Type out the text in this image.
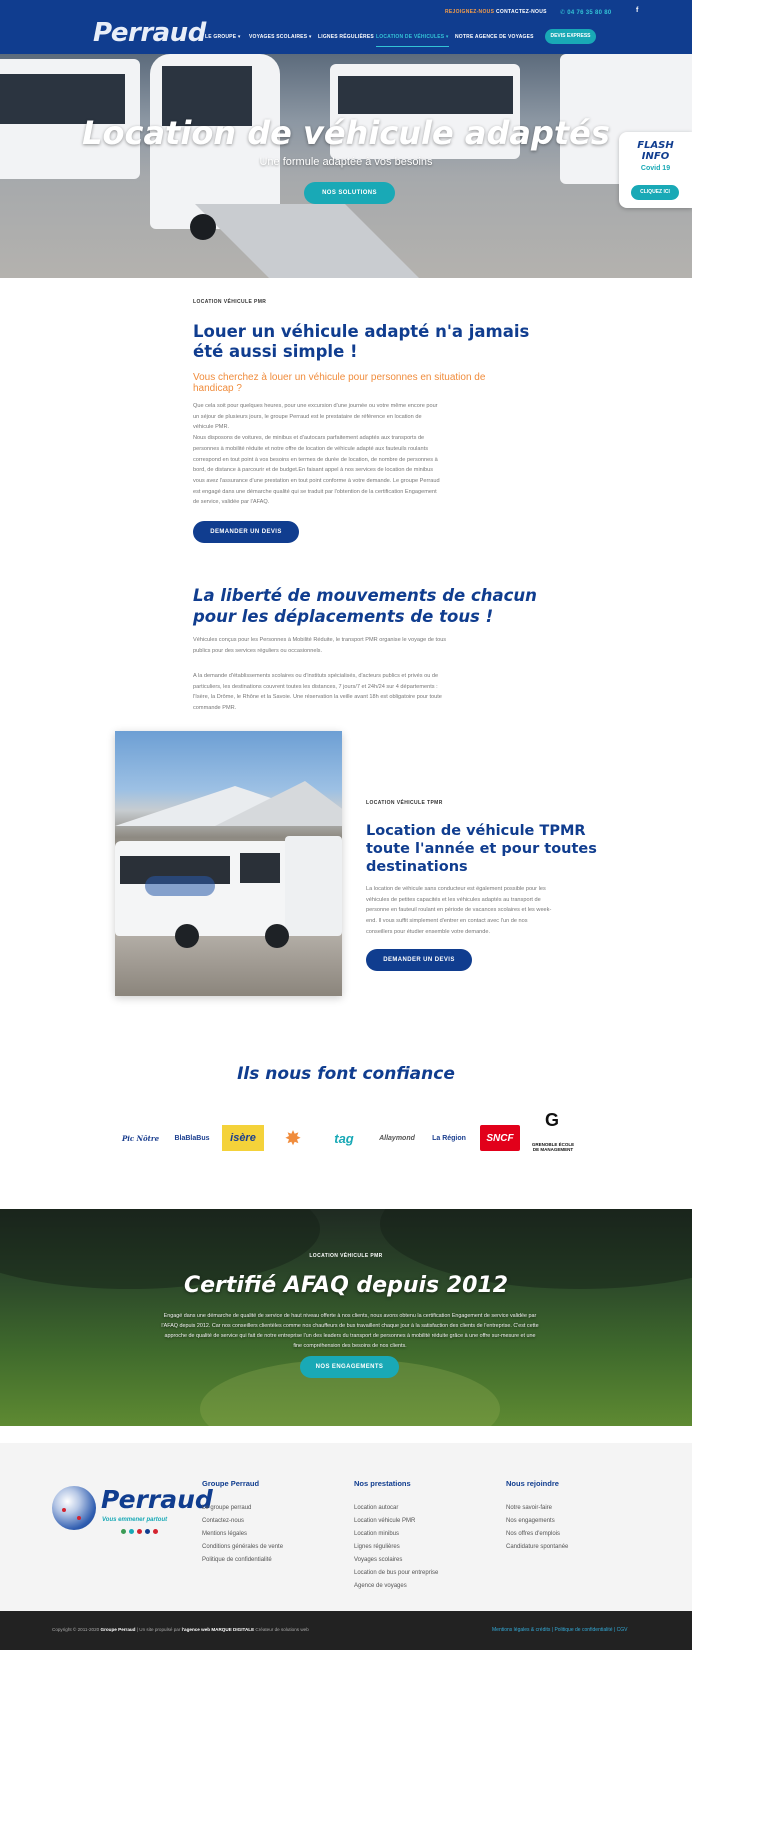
Perraud
REJOIGNEZ-NOUS CONTACTEZ-NOUS ✆ 04 76 35 80 80	f
LE GROUPE ▾ VOYAGES SCOLAIRES ▾ LIGNES RÉGULIÈRES LOCATION DE VÉHICULES ▾ NOTRE AGENCE DE VOYAGES	DEVIS EXPRESS
Location de véhicule adaptés
Une formule adaptée à vos besoins
NOS SOLUTIONS
FLASH
INFO
Covid 19
CLIQUEZ ICI
LOCATION VÉHICULE PMR
Louer un véhicule adapté n'a jamais
été aussi simple !
Vous cherchez à louer un véhicule pour personnes en situation de
handicap ?
Que cela soit pour quelques heures, pour une excursion d'une journée ou votre même encore pour
un séjour de plusieurs jours, le groupe Perraud est le prestataire de référence en location de
véhicule PMR.
Nous disposons de voitures, de minibus et d'autocars parfaitement adaptés aux transports de
personnes à mobilité réduite et notre offre de location de véhicule adapté aux fauteuils roulants
correspond en tout point à vos besoins en termes de durée de location, de nombre de personnes à
bord, de distance à parcourir et de budget.En faisant appel à nos services de location de minibus
vous avez l'assurance d'une prestation en tout point conforme à votre demande. Le groupe Perraud
est engagé dans une démarche qualité qui se traduit par l'obtention de la certification Engagement
de service, validée par l'AFAQ.
DEMANDER UN DEVIS
La liberté de mouvements de chacun
pour les déplacements de tous !
Véhicules conçus pour les Personnes à Mobilité Réduite, le transport PMR organise le voyage de tous
publics pour des services réguliers ou occasionnels.
A la demande d'établissements scolaires ou d'instituts spécialisés, d'acteurs publics et privés ou de
particuliers, les destinations couvrent toutes les distances, 7 jours/7 et 24h/24 sur 4 départements :
l'Isère, la Drôme, le Rhône et la Savoie. Une réservation la veille avant 18h est obligatoire pour toute
commande PMR.
LOCATION VÉHICULE TPMR
Location de véhicule TPMR
toute l'année et pour toutes
destinations
La location de véhicule sans conducteur est également possible pour les
véhicules de petites capacités et les véhicules adaptés au transport de
personne en fauteuil roulant en période de vacances scolaires et les week-
end. Il vous suffit simplement d'entrer en contact avec l'un de nos
conseillers pour étudier ensemble votre demande.
DEMANDER UN DEVIS
Ils nous font confiance
Pic Nôtre	BlaBlaBus	isère	✸	tag	Allaymond	La Région	SNCF
G
GRENOBLE ÉCOLE DE MANAGEMENT
LOCATION VÉHICULE PMR
Certifié AFAQ depuis 2012
Engagé dans une démarche de qualité de service de haut niveau offerte à nos clients, nous avons obtenu la certification Engagement de service validée par
l'AFAQ depuis 2012. Car nos conseillers clientèles comme nos chauffeurs de bus travaillent chaque jour à la satisfaction des clients de l'entreprise. C'est cette
approche de qualité de service qui fait de notre entreprise l'un des leaders du transport de personnes à mobilité réduite grâce à une offre sur-mesure et une
fine compréhension des besoins de nos clients.
NOS ENGAGEMENTS
Perraud
Vous emmener partout
Groupe Perraud
Le groupe perraud
Contactez-nous
Mentions légales
Conditions générales de vente
Politique de confidentialité
Nos prestations
Location autocar
Location véhicule PMR
Location minibus
Lignes régulières
Voyages scolaires
Location de bus pour entreprise
Agence de voyages
Nous rejoindre
Notre savoir-faire
Nos engagements
Nos offres d'emplois
Candidature spontanée
Copyright © 2011-2020 Groupe Perraud | Un site propulsé par l'agence web MARQUE DIGITALE Créateur de solutions web	Mentions légales & crédits | Politique de confidentialité | CGV
